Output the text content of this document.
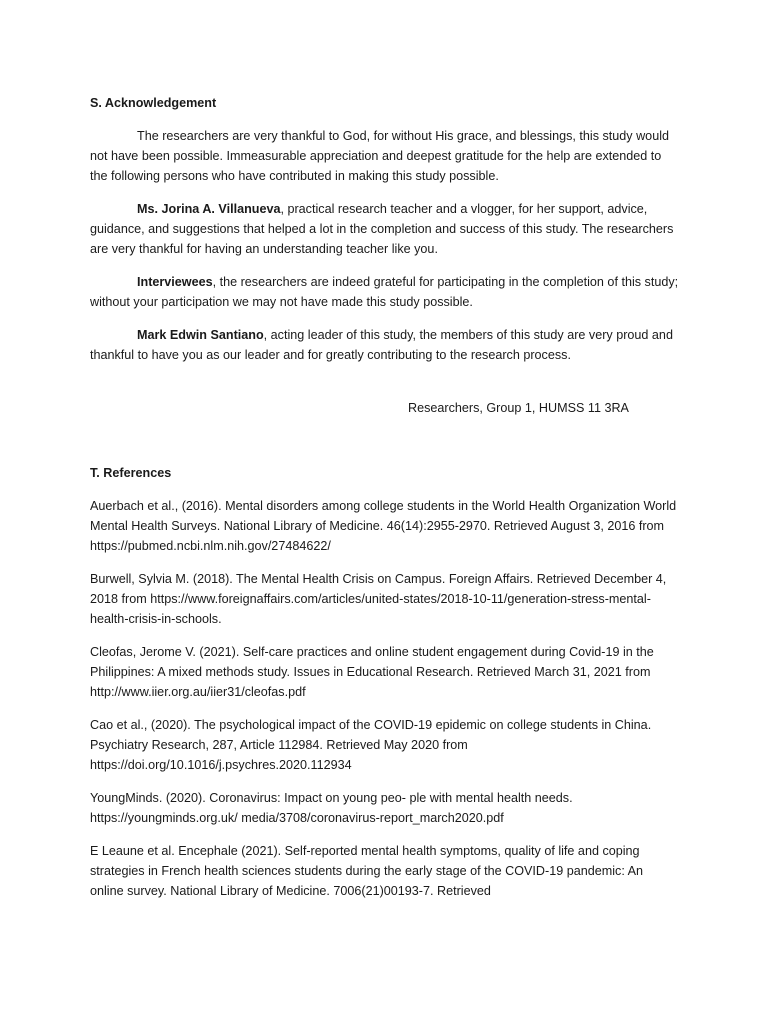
S. Acknowledgement

The researchers are very thankful to God, for without His grace, and blessings, this study would not have been possible. Immeasurable appreciation and deepest gratitude for the help are extended to the following persons who have contributed in making this study possible.

Ms. Jorina A. Villanueva, practical research teacher and a vlogger, for her support, advice, guidance, and suggestions that helped a lot in the completion and success of this study. The researchers are very thankful for having an understanding teacher like you.

Interviewees, the researchers are indeed grateful for participating in the completion of this study; without your participation we may not have made this study possible.

Mark Edwin Santiano, acting leader of this study, the members of this study are very proud and thankful to have you as our leader and for greatly contributing to the research process.

Researchers, Group 1, HUMSS 11 3RA
T. References

Auerbach et al., (2016). Mental disorders among college students in the World Health Organization World Mental Health Surveys. National Library of Medicine. 46(14):2955-2970. Retrieved August 3, 2016 from https://pubmed.ncbi.nlm.nih.gov/27484622/

Burwell, Sylvia M. (2018). The Mental Health Crisis on Campus. Foreign Affairs. Retrieved December 4, 2018 from https://www.foreignaffairs.com/articles/united-states/2018-10-11/generation-stress-mental-health-crisis-in-schools.

Cleofas, Jerome V. (2021). Self-care practices and online student engagement during Covid-19 in the Philippines: A mixed methods study. Issues in Educational Research. Retrieved March 31, 2021 from http://www.iier.org.au/iier31/cleofas.pdf

Cao et al., (2020). The psychological impact of the COVID-19 epidemic on college students in China. Psychiatry Research, 287, Article 112984. Retrieved May 2020 from https://doi.org/10.1016/j.psychres.2020.112934

YoungMinds. (2020). Coronavirus: Impact on young peo- ple with mental health needs. https://youngminds.org.uk/ media/3708/coronavirus-report_march2020.pdf

E Leaune et al. Encephale (2021). Self-reported mental health symptoms, quality of life and coping strategies in French health sciences students during the early stage of the COVID-19 pandemic: An online survey. National Library of Medicine. 7006(21)00193-7. Retrieved
